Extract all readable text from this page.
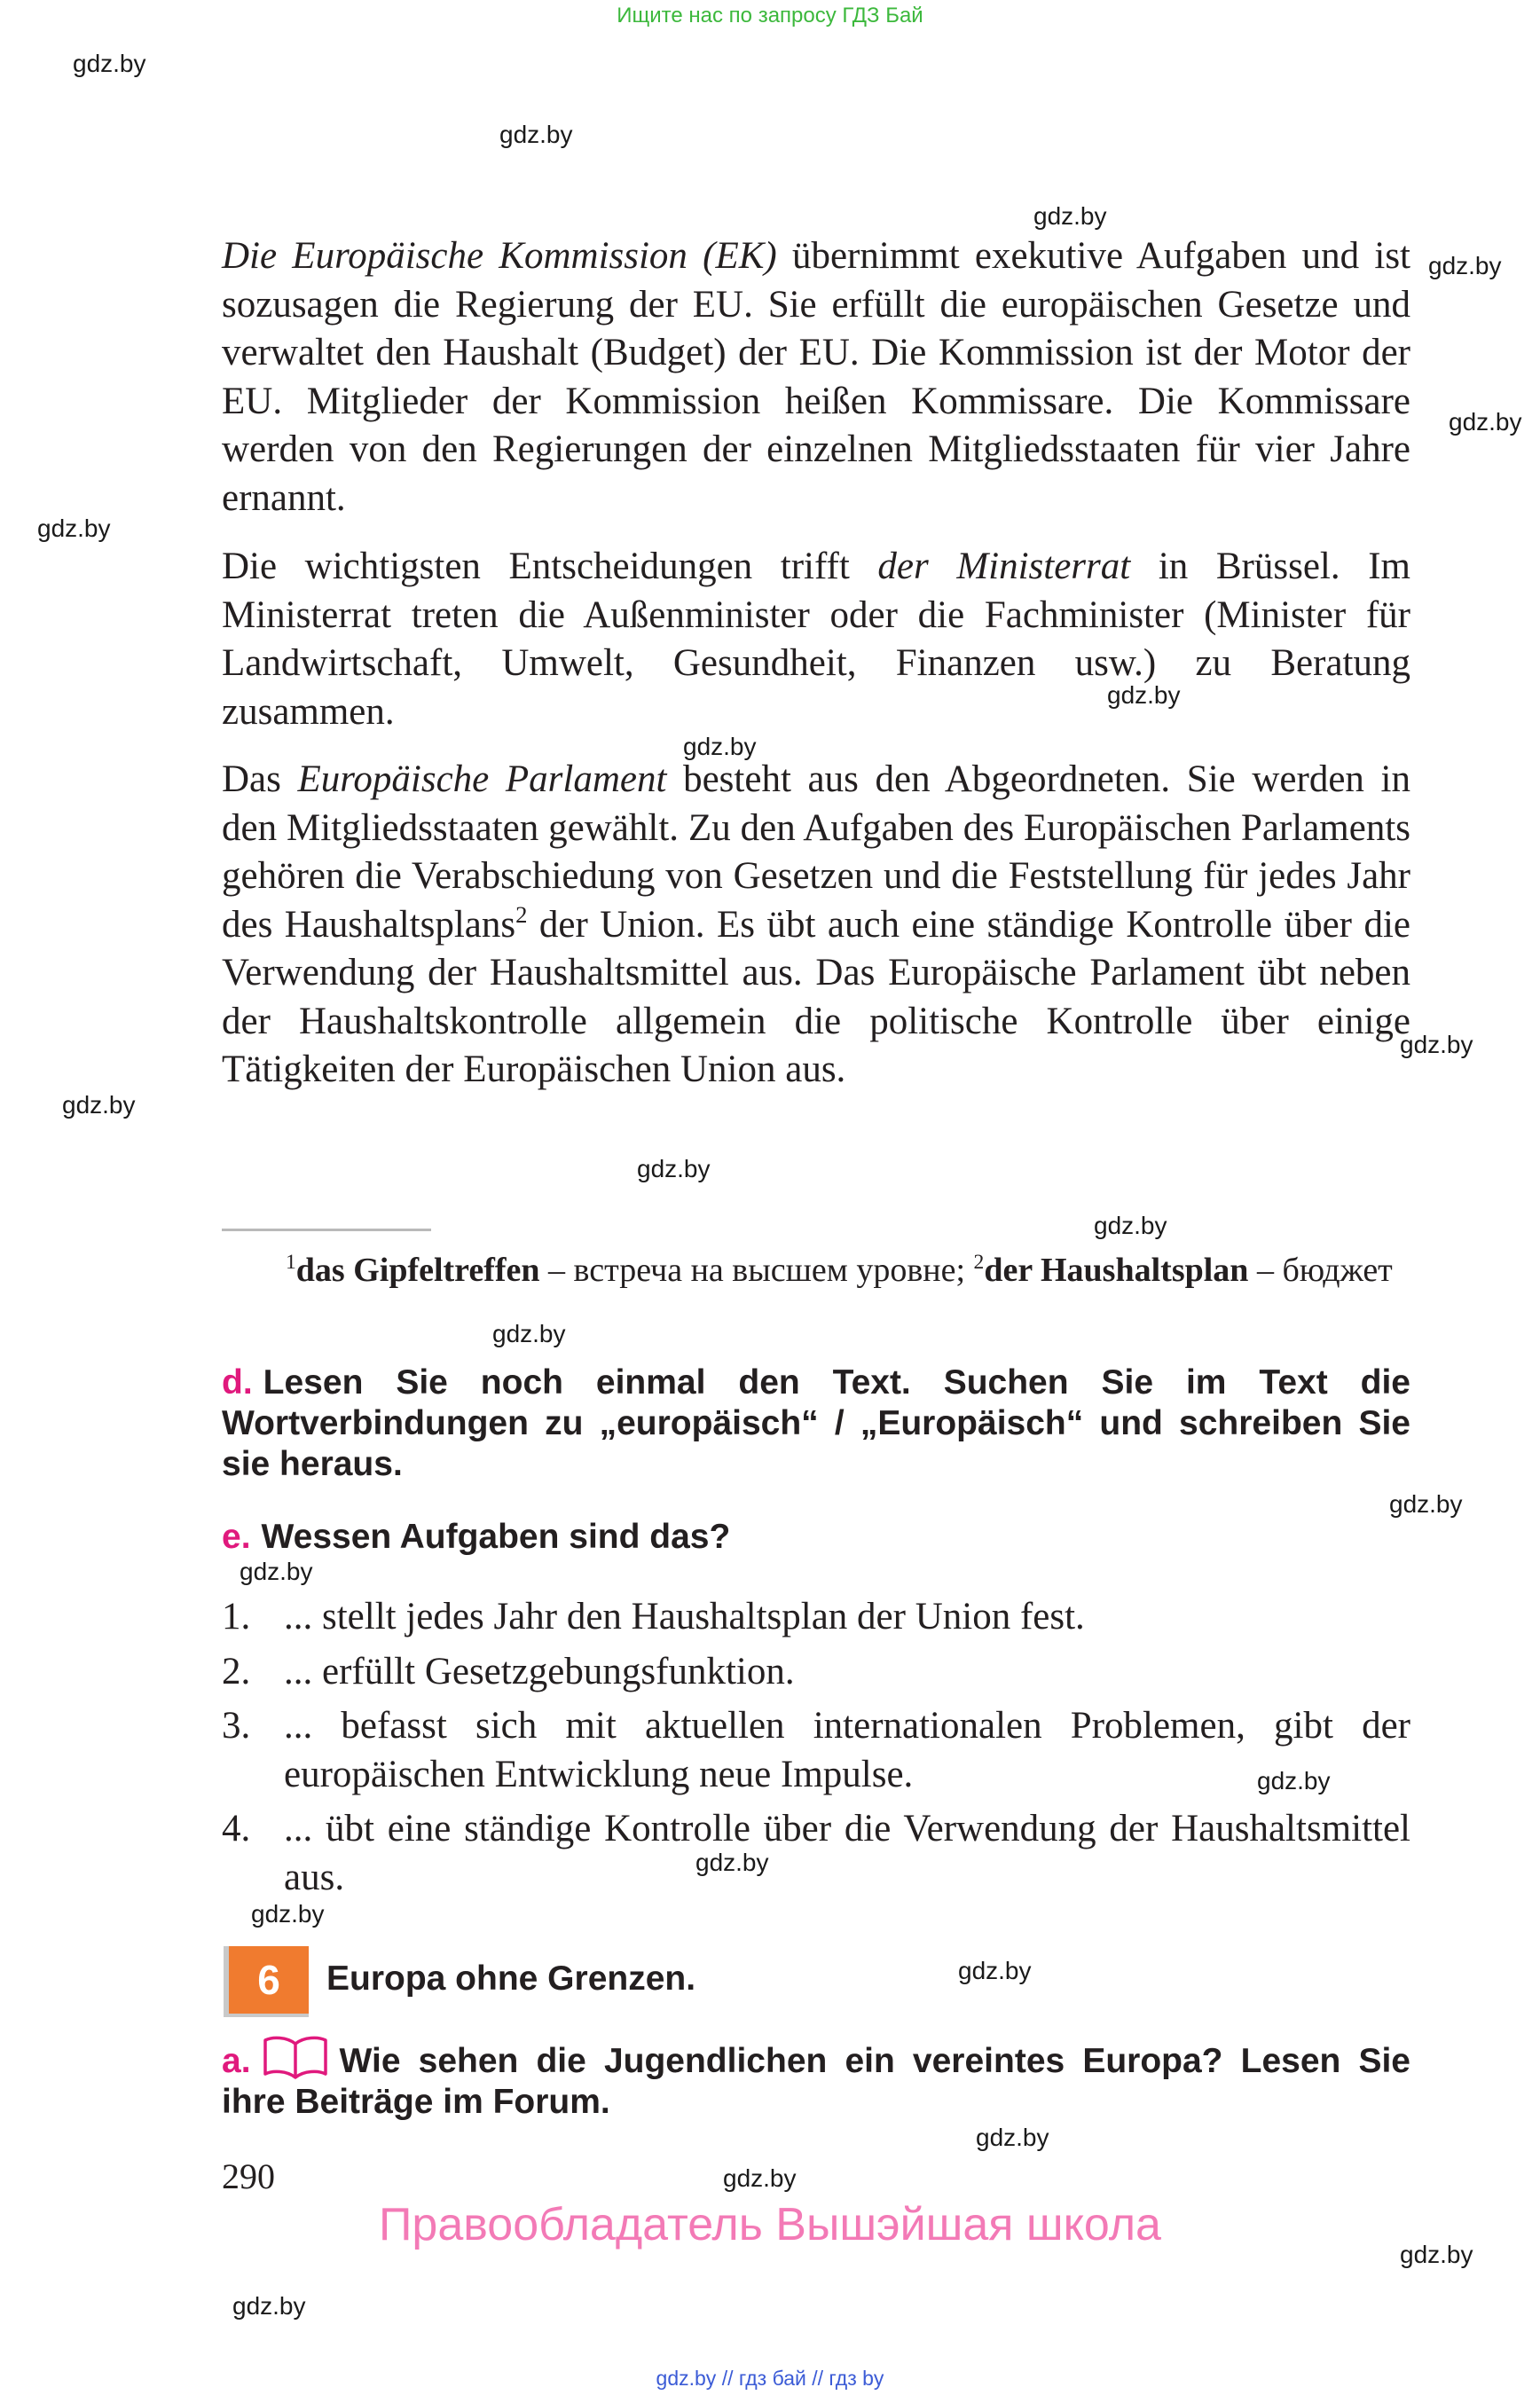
Ищите нас по запросу ГДЗ Бай
gdz.by
gdz.by
gdz.by
gdz.by
gdz.by
gdz.by
gdz.by
gdz.by
gdz.by
gdz.by
gdz.by
gdz.by
gdz.by
gdz.by
gdz.by
gdz.by
gdz.by
gdz.by
gdz.by
gdz.by
gdz.by
gdz.by
gdz.by

Die Europäische Kommission (EK) übernimmt exekutive Aufgaben und ist sozusagen die Regierung der EU. Sie erfüllt die europäischen Gesetze und verwaltet den Haushalt (Budget) der EU. Die Kommission ist der Motor der EU. Mitglieder der Kommission heißen Kommissare. Die Kommissare werden von den Regierungen der einzelnen Mitgliedsstaaten für vier Jahre ernannt.

Die wichtigsten Entscheidungen trifft der Ministerrat in Brüssel. Im Ministerrat treten die Außenminister oder die Fachminister (Minister für Landwirtschaft, Umwelt, Gesundheit, Finanzen usw.) zu Beratung zusammen.

Das Europäische Parlament besteht aus den Abgeordneten. Sie werden in den Mitgliedsstaaten gewählt. Zu den Aufgaben des Europäischen Parlaments gehören die Verabschiedung von Gesetzen und die Feststellung für jedes Jahr des Haushaltsplans$^2$ der Union. Es übt auch eine ständige Kontrolle über die Verwendung der Haushaltsmittel aus. Das Europäische Parlament übt neben der Haushaltskontrolle allgemein die politische Kontrolle über einige Tätigkeiten der Europäischen Union aus.

$^1$das Gipfeltreffen – встреча на высшем уровне; $^2$der Haushaltsplan – бюджет

d. Lesen Sie noch einmal den Text. Suchen Sie im Text die Wortverbindungen zu „europäisch“ / „Europäisch“ und schreiben Sie sie heraus.

e. Wessen Aufgaben sind das?

1. ... stellt jedes Jahr den Haushaltsplan der Union fest.
2. ... erfüllt Gesetzgebungsfunktion.
3. ... befasst sich mit aktuellen internationalen Problemen, gibt der europäischen Entwicklung neue Impulse.
4. ... übt eine ständige Kontrolle über die Verwendung der Haushaltsmittel aus.
6	Europa ohne Grenzen.

a.	Wie sehen die Jugendlichen ein vereintes Europa? Lesen Sie ihre Beiträge im Forum.

290
Правообладатель Вышэйшая школа
gdz.by // гдз бай // гдз by
